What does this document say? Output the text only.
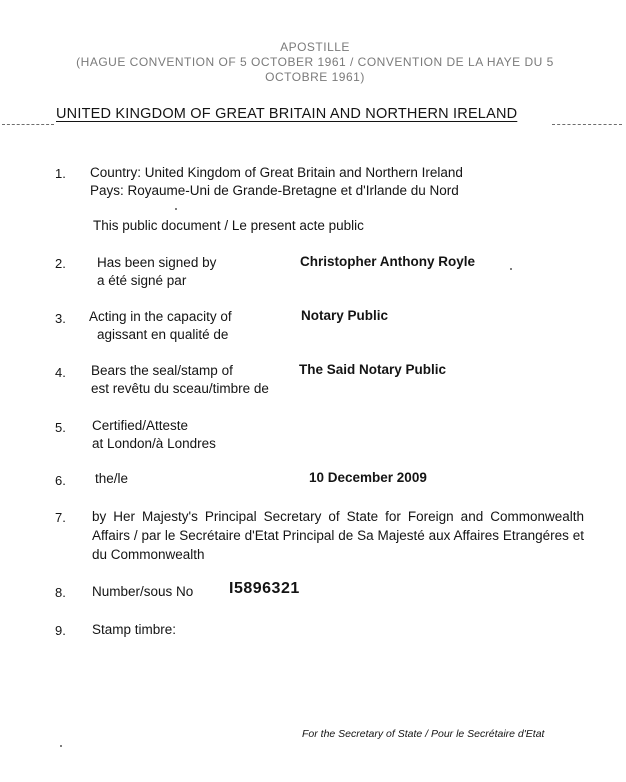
APOSTILLE
(HAGUE CONVENTION OF 5 OCTOBER 1961 / CONVENTION DE LA HAYE DU 5
OCTOBRE 1961)
UNITED KINGDOM OF GREAT BRITAIN AND NORTHERN IRELAND
1. Country: United Kingdom of Great Britain and Northern Ireland
Pays: Royaume-Uni de Grande-Bretagne et d'Irlande du Nord
This public document / Le present acte public
2. Has been signed by
a été signé par
Christopher Anthony Royle
3. Acting in the capacity of
agissant en qualité de
Notary Public
4. Bears the seal/stamp of
est revêtu du sceau/timbre de
The Said Notary Public
5. Certified/Atteste
at London/à Londres
6. the/le	10 December 2009
7. by Her Majesty's Principal Secretary of State for Foreign and Commonwealth Affairs / par le Secrétaire d'Etat Principal de Sa Majesté aux Affaires Etrangéres et du Commonwealth
8. Number/sous No I5896321
9. Stamp timbre:
For the Secretary of State / Pour le Secrétaire d'Etat
